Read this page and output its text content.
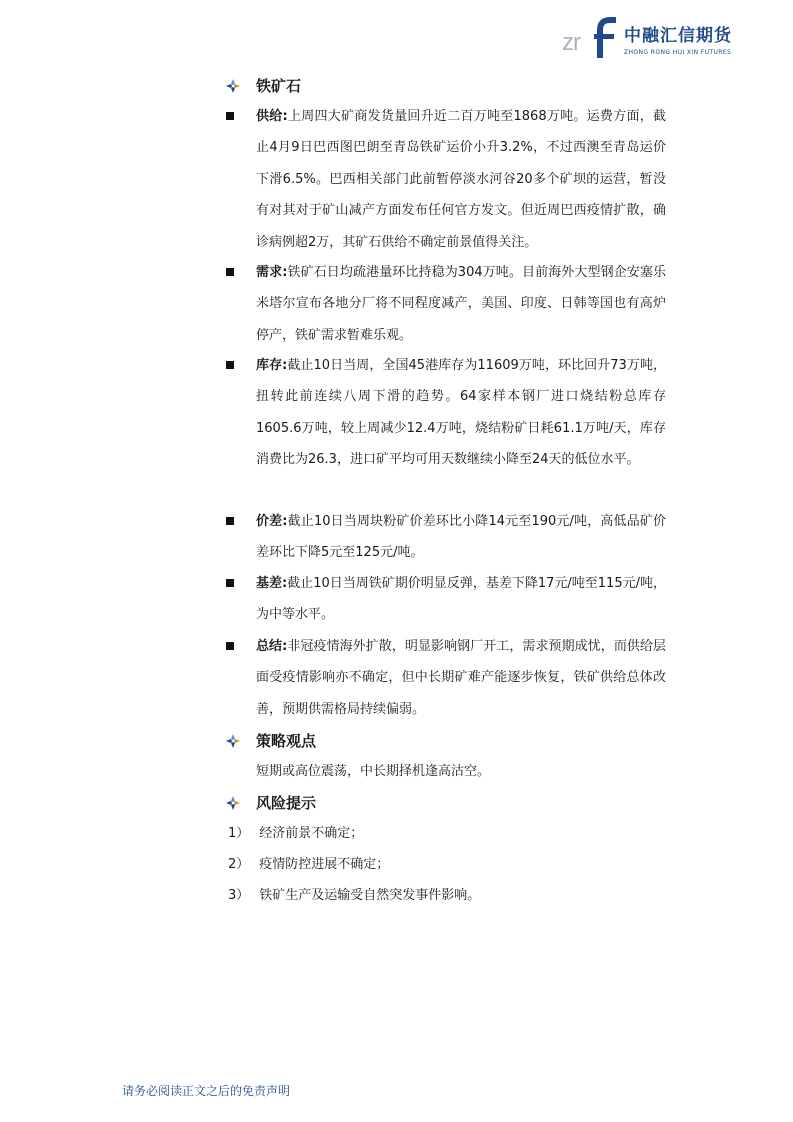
zr	中融汇信期货
ZHONG RONG HUI XIN FUTURES
铁矿石
供给:上周四大矿商发货量回升近二百万吨至1868万吨。运费方面，截止4月9日巴西图巴朗至青岛铁矿运价小升3.2%，不过西澳至青岛运价下滑6.5%。巴西相关部门此前暂停淡水河谷20多个矿坝的运营，暂没有对其对于矿山减产方面发布任何官方发文。但近周巴西疫情扩散，确诊病例超2万，其矿石供给不确定前景值得关注。
需求:铁矿石日均疏港量环比持稳为304万吨。目前海外大型钢企安塞乐米塔尔宣布各地分厂将不同程度减产，美国、印度、日韩等国也有高炉停产，铁矿需求暂难乐观。
库存:截止10日当周，全国45港库存为11609万吨，环比回升73万吨，扭转此前连续八周下滑的趋势。64家样本钢厂进口烧结粉总库存1605.6万吨，较上周减少12.4万吨，烧结粉矿日耗61.1万吨/天，库存消费比为26.3，进口矿平均可用天数继续小降至24天的低位水平。
价差:截止10日当周块粉矿价差环比小降14元至190元/吨，高低品矿价差环比下降5元至125元/吨。
基差:截止10日当周铁矿期价明显反弹，基差下降17元/吨至115元/吨，为中等水平。
总结:非冠疫情海外扩散，明显影响钢厂开工，需求预期成忧，而供给层面受疫情影响亦不确定，但中长期矿难产能逐步恢复，铁矿供给总体改善，预期供需格局持续偏弱。
策略观点
短期或高位震荡，中长期择机逢高沽空。
风险提示
1） 经济前景不确定；
2） 疫情防控进展不确定；
3） 铁矿生产及运输受自然突发事件影响。
请务必阅读正文之后的免责声明
